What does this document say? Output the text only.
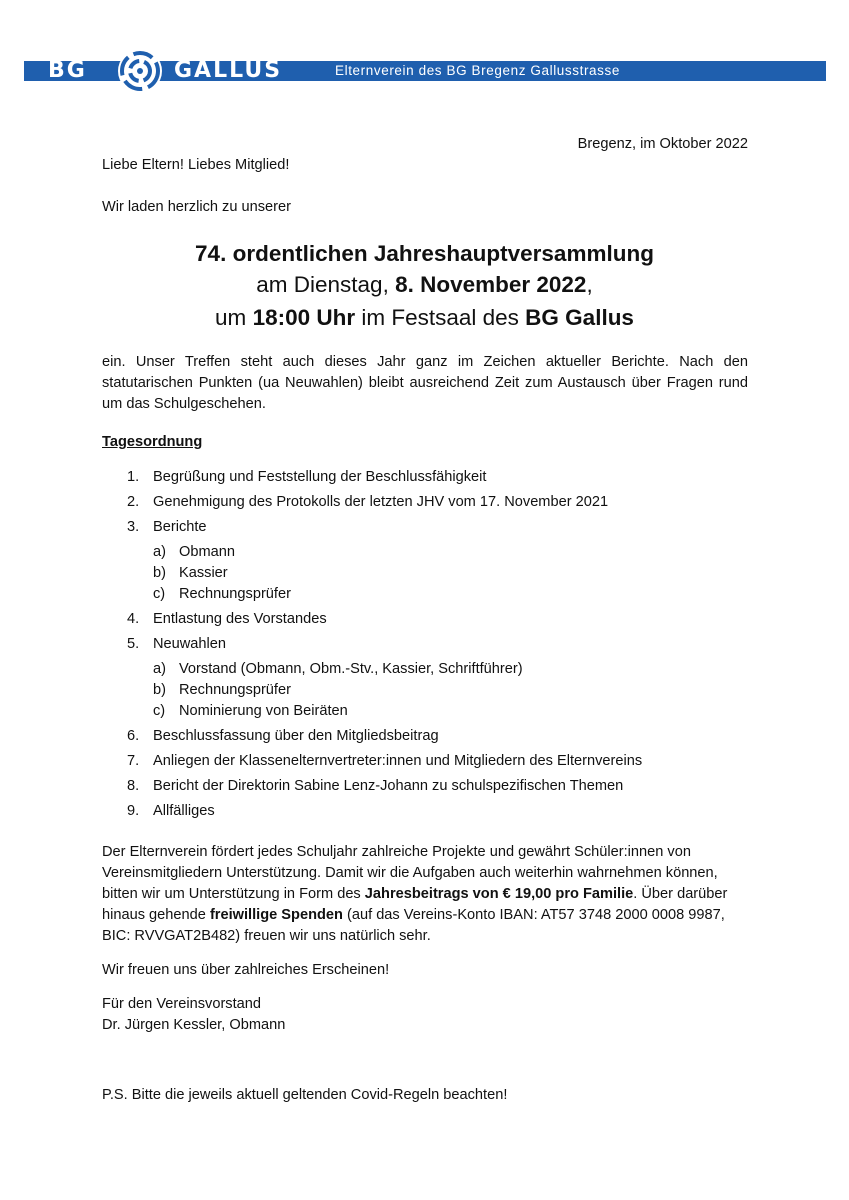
BG	GALLUS	Elternverein des BG Bregenz Gallusstrasse
Bregenz, im Oktober 2022
Liebe Eltern! Liebes Mitglied!
Wir laden herzlich zu unserer
74. ordentlichen Jahreshauptversammlung
am Dienstag, 8. November 2022,
um 18:00 Uhr im Festsaal des BG Gallus
ein. Unser Treffen steht auch dieses Jahr ganz im Zeichen aktueller Berichte. Nach den statutarischen Punkten (ua Neuwahlen) bleibt ausreichend Zeit zum Austausch über Fragen rund um das Schulgeschehen.
Tagesordnung
1. Begrüßung und Feststellung der Beschlussfähigkeit
2. Genehmigung des Protokolls der letzten JHV vom 17. November 2021
3. Berichte
a) Obmann
b) Kassier
c) Rechnungsprüfer
4. Entlastung des Vorstandes
5. Neuwahlen
a) Vorstand (Obmann, Obm.-Stv., Kassier, Schriftführer)
b) Rechnungsprüfer
c) Nominierung von Beiräten
6. Beschlussfassung über den Mitgliedsbeitrag
7. Anliegen der Klassenelternvertreter:innen und Mitgliedern des Elternvereins
8. Bericht der Direktorin Sabine Lenz-Johann zu schulspezifischen Themen
9. Allfälliges
Der Elternverein fördert jedes Schuljahr zahlreiche Projekte und gewährt Schüler:innen von Vereinsmitgliedern Unterstützung. Damit wir die Aufgaben auch weiterhin wahrnehmen können, bitten wir um Unterstützung in Form des Jahresbeitrags von € 19,00 pro Familie. Über darüber hinaus gehende freiwillige Spenden (auf das Vereins-Konto IBAN: AT57 3748 2000 0008 9987, BIC: RVVGAT2B482) freuen wir uns natürlich sehr.
Wir freuen uns über zahlreiches Erscheinen!
Für den Vereinsvorstand
Dr. Jürgen Kessler, Obmann
P.S. Bitte die jeweils aktuell geltenden Covid-Regeln beachten!
